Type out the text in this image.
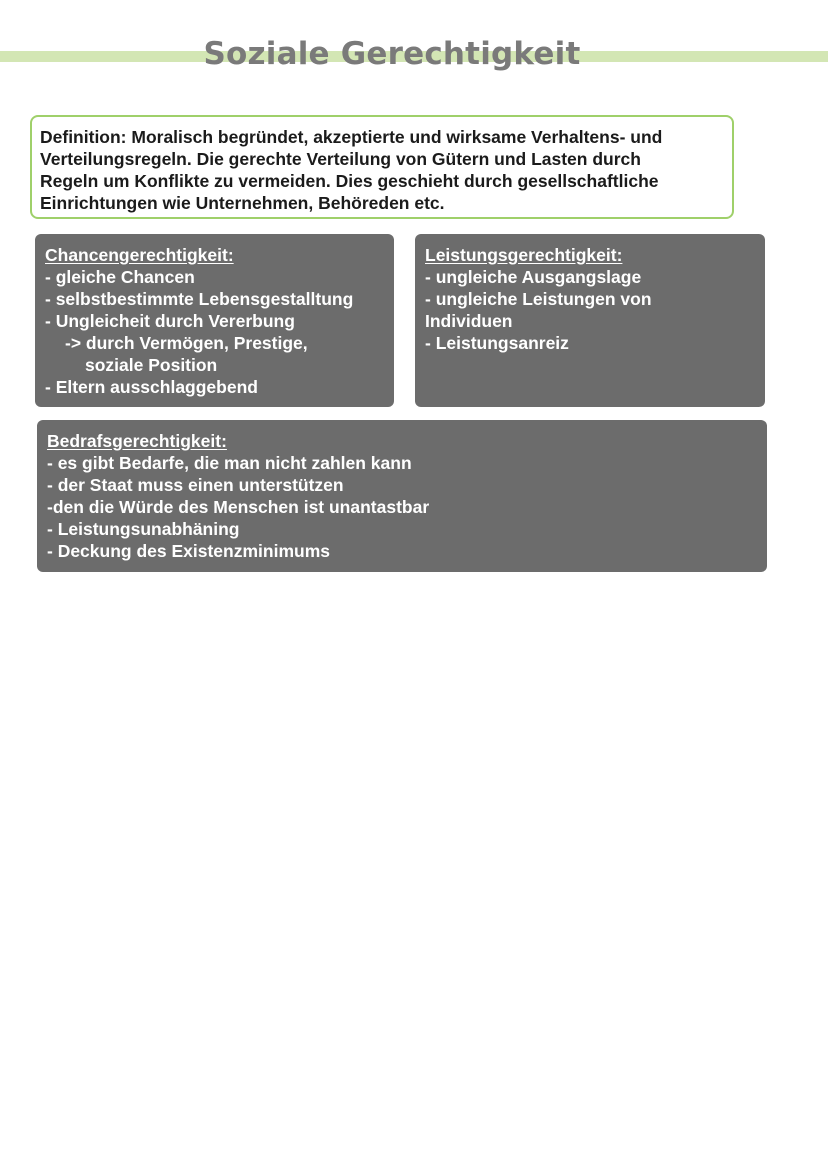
Soziale Gerechtigkeit
Definition: Moralisch begründet, akzeptierte und wirksame Verhaltens- und
Verteilungsregeln. Die gerechte Verteilung von Gütern und Lasten durch
Regeln um Konflikte zu vermeiden. Dies geschieht durch gesellschaftliche
Einrichtungen wie Unternehmen, Behöreden etc.
Chancengerechtigkeit:
- gleiche Chancen
- selbstbestimmte Lebensgestalltung
- Ungleicheit durch Vererbung
-> durch Vermögen, Prestige,
soziale Position
- Eltern ausschlaggebend
Leistungsgerechtigkeit:
- ungleiche Ausgangslage
- ungleiche Leistungen von
Individuen
- Leistungsanreiz
Bedrafsgerechtigkeit:
- es gibt Bedarfe, die man nicht zahlen kann
- der Staat muss einen unterstützen
-den die Würde des Menschen ist unantastbar
- Leistungsunabhäning
- Deckung des Existenzminimums
